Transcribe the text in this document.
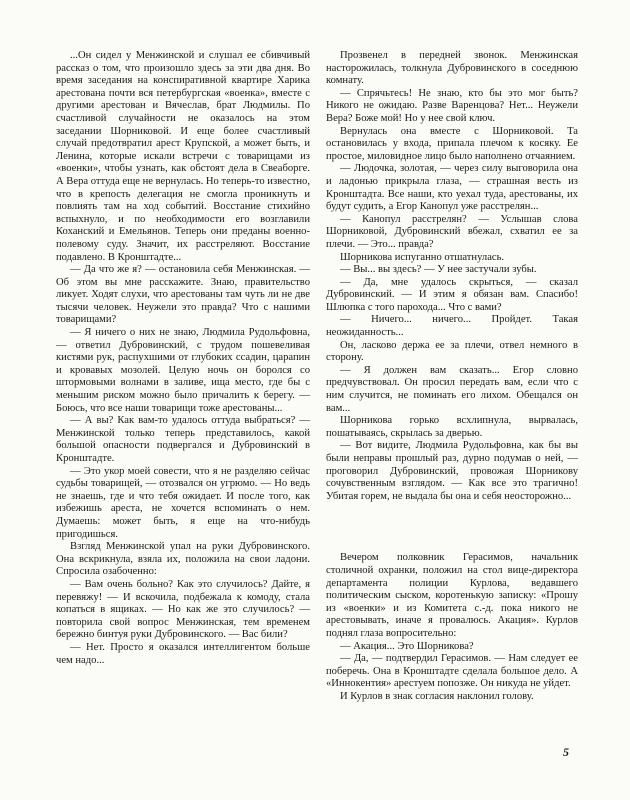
...Он сидел у Менжинской и слушал ее сбивчивый рассказ о том, что произошло здесь за эти два дня. Во время заседания на конспиративной квартире Харика арестована почти вся петербургская «военка», вместе с другими арестован и Вячеслав, брат Людмилы. По счастливой случайности не оказалось на этом заседании Шорниковой. И еще более счастливый случай предотвратил арест Крупской, а может быть, и Ленина, которые искали встречи с товарищами из «военки», чтобы узнать, как обстоят дела в Свеаборге. А Вера оттуда еще не вернулась. Но теперь-то известно, что в крепость делегация не смогла проникнуть и повлиять там на ход событий. Восстание стихийно вспыхнуло, и по необходимости его возглавили Коханский и Емельянов. Теперь они преданы военно-полевому суду. Значит, их расстреляют. Восстание подавлено. В Кронштадте...

— Да что же я? — остановила себя Менжинская. — Об этом вы мне расскажите. Знаю, правительство ликует. Ходят слухи, что арестованы там чуть ли не две тысячи человек. Неужели это правда? Что с нашими товарищами?

— Я ничего о них не знаю, Людмила Рудольфовна, — ответил Дубровинский, с трудом пошевеливая кистями рук, распухшими от глубоких ссадин, царапин и кровавых мозолей. Целую ночь он боролся со штормовыми волнами в заливе, ища место, где бы с меньшим риском можно было причалить к берегу. — Боюсь, что все наши товарищи тоже арестованы...

— А вы? Как вам-то удалось оттуда выбраться? — Менжинской только теперь представилось, какой большой опасности подвергался и Дубровинский в Кронштадте.

— Это укор моей совести, что я не разделяю сейчас судьбы товарищей, — отозвался он угрюмо. — Но ведь не знаешь, где и что тебя ожидает. И после того, как избежишь ареста, не хочется вспоминать о нем. Думаешь: может быть, я еще на что-нибудь пригодишься.

Взгляд Менжинской упал на руки Дубровинского. Она вскрикнула, взяла их, положила на свои ладони. Спросила озабоченно:

— Вам очень больно? Как это случилось? Дайте, я перевяжу! — И вскочила, подбежала к комоду, стала копаться в ящиках. — Но как же это случилось? — повторила свой вопрос Менжинская, тем временем бережно бинтуя руки Дубровинского. — Вас били?

— Нет. Просто я оказался интеллигентом больше чем надо...

Прозвенел в передней звонок. Менжинская насторожилась, толкнула Дубровинского в соседнюю комнату.

— Спрячьтесь! Не знаю, кто бы это мог быть? Никого не ожидаю. Разве Варенцова? Нет... Неужели Вера? Боже мой! Но у нее свой ключ.

Вернулась она вместе с Шорниковой. Та остановилась у входа, припала плечом к косяку. Ее простое, миловидное лицо было наполнено отчаянием.

— Людочка, золотая, — через силу выговорила она и ладонью прикрыла глаза, — страшная весть из Кронштадта. Все наши, кто уехал туда, арестованы, их будут судить, а Егор Канопул уже расстрелян...

— Канопул расстрелян? — Услышав слова Шорниковой, Дубровинский вбежал, схватил ее за плечи. — Это... правда?

Шорникова испуганно отшатнулась.

— Вы... вы здесь? — У нее застучали зубы.

— Да, мне удалось скрыться, — сказал Дубровинский. — И этим я обязан вам. Спасибо! Шлюпка с того парохода... Что с вами?

— Ничего... ничего... Пройдет. Такая неожиданность...

Он, ласково держа ее за плечи, отвел немного в сторону.

— Я должен вам сказать... Егор словно предчувствовал. Он просил передать вам, если что с ним случится, не поминать его лихом. Обещался он вам...

Шорникова горько всхлипнула, вырвалась, пошатываясь, скрылась за дверью.

— Вот видите, Людмила Рудольфовна, как бы вы были неправы прошлый раз, дурно подумав о ней, — проговорил Дубровинский, провожая Шорникову сочувственным взглядом. — Как все это трагично! Убитая горем, не выдала бы она и себя неосторожно...

Вечером полковник Герасимов, начальник столичной охранки, положил на стол вице-директора департамента полиции Курлова, ведавшего политическим сыском, коротенькую записку: «Прошу из «военки» и из Комитета с.-д. пока никого не арестовывать, иначе я провалюсь. Акация». Курлов поднял глаза вопросительно:

— Акация... Это Шорникова?

— Да, — подтвердил Герасимов. — Нам следует ее поберечь. Она в Кронштадте сделала большое дело. А «Иннокентия» арестуем попозже. Он никуда не уйдет.

И Курлов в знак согласия наклонил голову.

5
